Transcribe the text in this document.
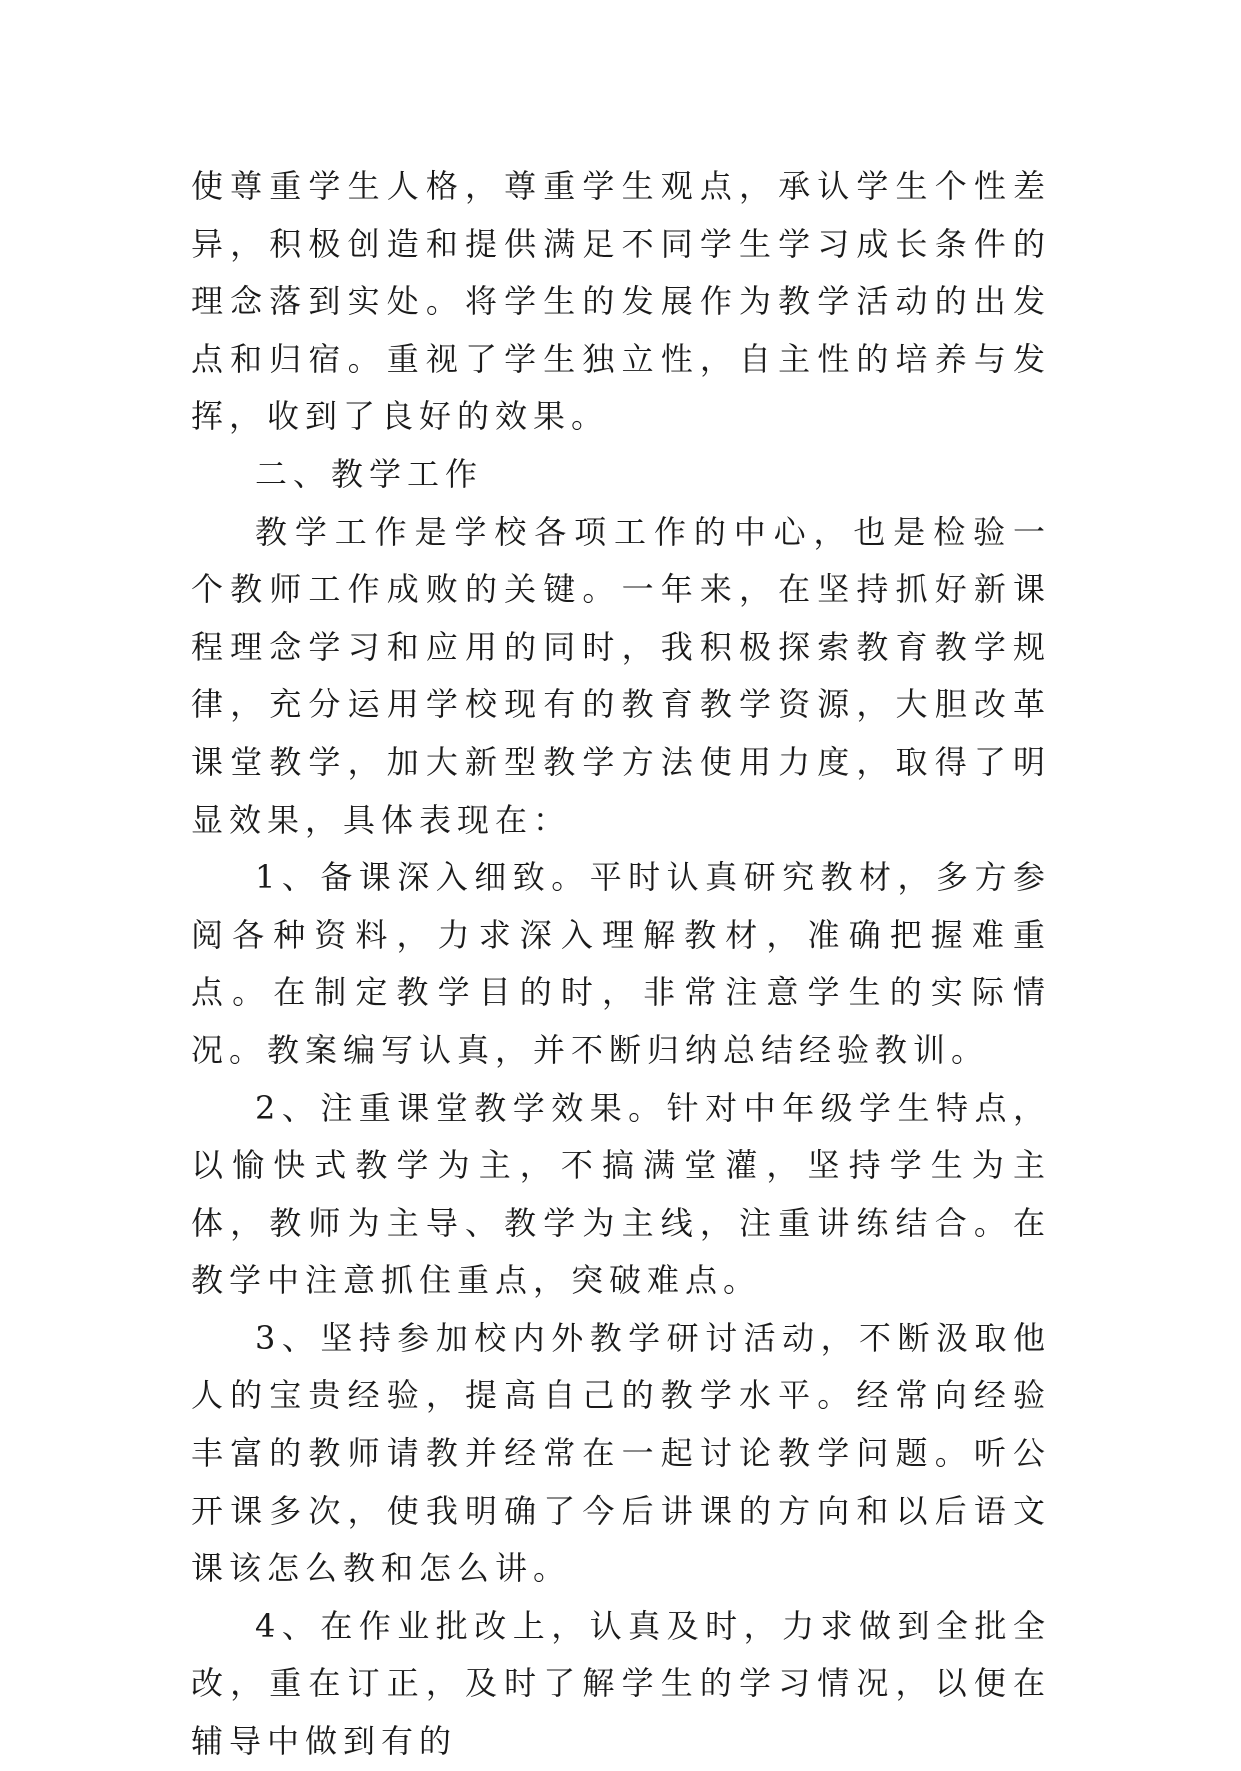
使尊重学生人格，尊重学生观点，承认学生个性差异，积极创造和提供满足不同学生学习成长条件的理念落到实处。将学生的发展作为教学活动的出发点和归宿。重视了学生独立性，自主性的培养与发挥，收到了良好的效果。

二、教学工作

教学工作是学校各项工作的中心，也是检验一个教师工作成败的关键。一年来，在坚持抓好新课程理念学习和应用的同时，我积极探索教育教学规律，充分运用学校现有的教育教学资源，大胆改革课堂教学，加大新型教学方法使用力度，取得了明显效果，具体表现在：

1、备课深入细致。平时认真研究教材，多方参阅各种资料，力求深入理解教材，准确把握难重点。在制定教学目的时，非常注意学生的实际情况。教案编写认真，并不断归纳总结经验教训。

2、注重课堂教学效果。针对中年级学生特点，以愉快式教学为主，不搞满堂灌，坚持学生为主体，教师为主导、教学为主线，注重讲练结合。在教学中注意抓住重点，突破难点。

3、坚持参加校内外教学研讨活动，不断汲取他人的宝贵经验，提高自己的教学水平。经常向经验丰富的教师请教并经常在一起讨论教学问题。听公开课多次，使我明确了今后讲课的方向和以后语文课该怎么教和怎么讲。

4、在作业批改上，认真及时，力求做到全批全改，重在订正，及时了解学生的学习情况，以便在辅导中做到有的
